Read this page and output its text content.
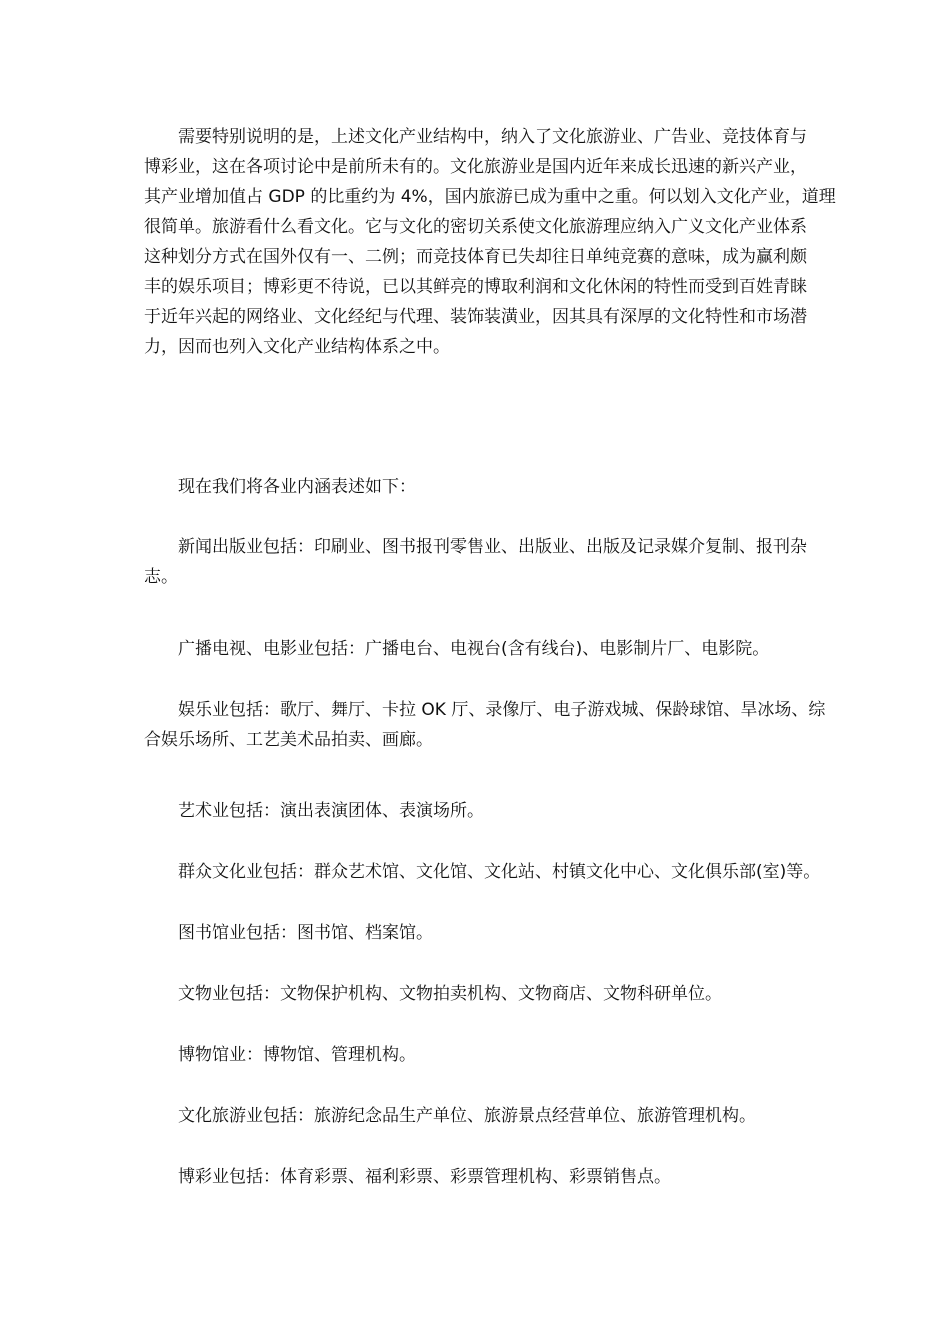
需要特别说明的是，上述文化产业结构中，纳入了文化旅游业、广告业、竞技体育与
博彩业，这在各项讨论中是前所未有的。文化旅游业是国内近年来成长迅速的新兴产业，
其产业增加值占 GDP 的比重约为 4%，国内旅游已成为重中之重。何以划入文化产业，道理
很简单。旅游看什么看文化。它与文化的密切关系使文化旅游理应纳入广义文化产业体系
这种划分方式在国外仅有一、二例；而竞技体育已失却往日单纯竞赛的意味，成为赢利颇
丰的娱乐项目；博彩更不待说，已以其鲜亮的博取利润和文化休闲的特性而受到百姓青睐
于近年兴起的网络业、文化经纪与代理、装饰装潢业，因其具有深厚的文化特性和市场潜
力，因而也列入文化产业结构体系之中。

现在我们将各业内涵表述如下：

新闻出版业包括：印刷业、图书报刊零售业、出版业、出版及记录媒介复制、报刊杂
志。

广播电视、电影业包括：广播电台、电视台(含有线台)、电影制片厂、电影院。

娱乐业包括：歌厅、舞厅、卡拉 OK 厅、录像厅、电子游戏城、保龄球馆、旱冰场、综
合娱乐场所、工艺美术品拍卖、画廊。

艺术业包括：演出表演团体、表演场所。

群众文化业包括：群众艺术馆、文化馆、文化站、村镇文化中心、文化俱乐部(室)等。

图书馆业包括：图书馆、档案馆。

文物业包括：文物保护机构、文物拍卖机构、文物商店、文物科研单位。

博物馆业：博物馆、管理机构。

文化旅游业包括：旅游纪念品生产单位、旅游景点经营单位、旅游管理机构。

博彩业包括：体育彩票、福利彩票、彩票管理机构、彩票销售点。
